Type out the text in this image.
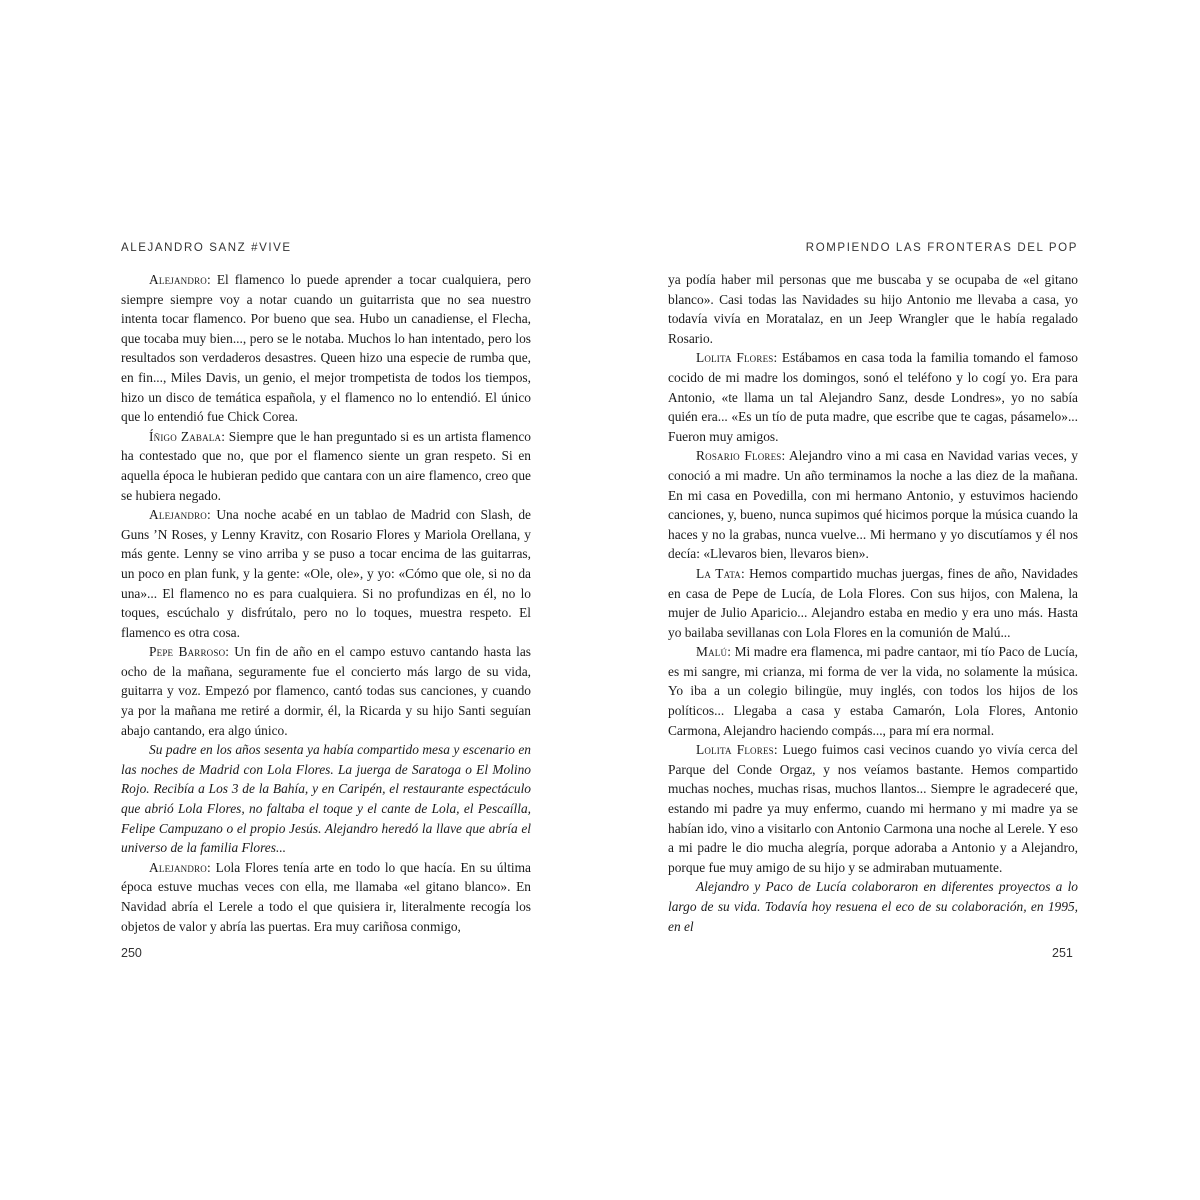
ALEJANDRO SANZ #VIVE

Alejandro: El flamenco lo puede aprender a tocar cualquiera, pero siempre siempre voy a notar cuando un guitarrista que no sea nuestro intenta tocar flamenco. Por bueno que sea. Hubo un canadiense, el Flecha, que tocaba muy bien..., pero se le notaba. Muchos lo han intentado, pero los resultados son verdaderos desastres. Queen hizo una especie de rumba que, en fin..., Miles Davis, un genio, el mejor trompetista de todos los tiempos, hizo un disco de temática española, y el flamenco no lo entendió. El único que lo entendió fue Chick Corea.

Íñigo Zabala: Siempre que le han preguntado si es un artista flamenco ha contestado que no, que por el flamenco siente un gran respeto. Si en aquella época le hubieran pedido que cantara con un aire flamenco, creo que se hubiera negado.

Alejandro: Una noche acabé en un tablao de Madrid con Slash, de Guns ’N Roses, y Lenny Kravitz, con Rosario Flores y Mariola Orellana, y más gente. Lenny se vino arriba y se puso a tocar encima de las guitarras, un poco en plan funk, y la gente: «Ole, ole», y yo: «Cómo que ole, si no da una»... El flamenco no es para cualquiera. Si no profundizas en él, no lo toques, escúchalo y disfrútalo, pero no lo toques, muestra respeto. El flamenco es otra cosa.

Pepe Barroso: Un fin de año en el campo estuvo cantando hasta las ocho de la mañana, seguramente fue el concierto más largo de su vida, guitarra y voz. Empezó por flamenco, cantó todas sus canciones, y cuando ya por la mañana me retiré a dormir, él, la Ricarda y su hijo Santi seguían abajo cantando, era algo único.

Su padre en los años sesenta ya había compartido mesa y escenario en las noches de Madrid con Lola Flores. La juerga de Saratoga o El Molino Rojo. Recibía a Los 3 de la Bahía, y en Caripén, el restaurante espectáculo que abrió Lola Flores, no faltaba el toque y el cante de Lola, el Pescaílla, Felipe Campuzano o el propio Jesús. Alejandro heredó la llave que abría el universo de la familia Flores...

Alejandro: Lola Flores tenía arte en todo lo que hacía. En su última época estuve muchas veces con ella, me llamaba «el gitano blanco». En Navidad abría el Lerele a todo el que quisiera ir, literalmente recogía los objetos de valor y abría las puertas. Era muy cariñosa conmigo,

ROMPIENDO LAS FRONTERAS DEL POP

ya podía haber mil personas que me buscaba y se ocupaba de «el gitano blanco». Casi todas las Navidades su hijo Antonio me llevaba a casa, yo todavía vivía en Moratalaz, en un Jeep Wrangler que le había regalado Rosario.

Lolita Flores: Estábamos en casa toda la familia tomando el famoso cocido de mi madre los domingos, sonó el teléfono y lo cogí yo. Era para Antonio, «te llama un tal Alejandro Sanz, desde Londres», yo no sabía quién era... «Es un tío de puta madre, que escribe que te cagas, pásamelo»... Fueron muy amigos.

Rosario Flores: Alejandro vino a mi casa en Navidad varias veces, y conoció a mi madre. Un año terminamos la noche a las diez de la mañana. En mi casa en Povedilla, con mi hermano Antonio, y estuvimos haciendo canciones, y, bueno, nunca supimos qué hicimos porque la música cuando la haces y no la grabas, nunca vuelve... Mi hermano y yo discutíamos y él nos decía: «Llevaros bien, llevaros bien».

La Tata: Hemos compartido muchas juergas, fines de año, Navidades en casa de Pepe de Lucía, de Lola Flores. Con sus hijos, con Malena, la mujer de Julio Aparicio... Alejandro estaba en medio y era uno más. Hasta yo bailaba sevillanas con Lola Flores en la comunión de Malú...

Malú: Mi madre era flamenca, mi padre cantaor, mi tío Paco de Lucía, es mi sangre, mi crianza, mi forma de ver la vida, no solamente la música. Yo iba a un colegio bilingüe, muy inglés, con todos los hijos de los políticos... Llegaba a casa y estaba Camarón, Lola Flores, Antonio Carmona, Alejandro haciendo compás..., para mí era normal.

Lolita Flores: Luego fuimos casi vecinos cuando yo vivía cerca del Parque del Conde Orgaz, y nos veíamos bastante. Hemos compartido muchas noches, muchas risas, muchos llantos... Siempre le agradeceré que, estando mi padre ya muy enfermo, cuando mi hermano y mi madre ya se habían ido, vino a visitarlo con Antonio Carmona una noche al Lerele. Y eso a mi padre le dio mucha alegría, porque adoraba a Antonio y a Alejandro, porque fue muy amigo de su hijo y se admiraban mutuamente.

Alejandro y Paco de Lucía colaboraron en diferentes proyectos a lo largo de su vida. Todavía hoy resuena el eco de su colaboración, en 1995, en el

250	251
